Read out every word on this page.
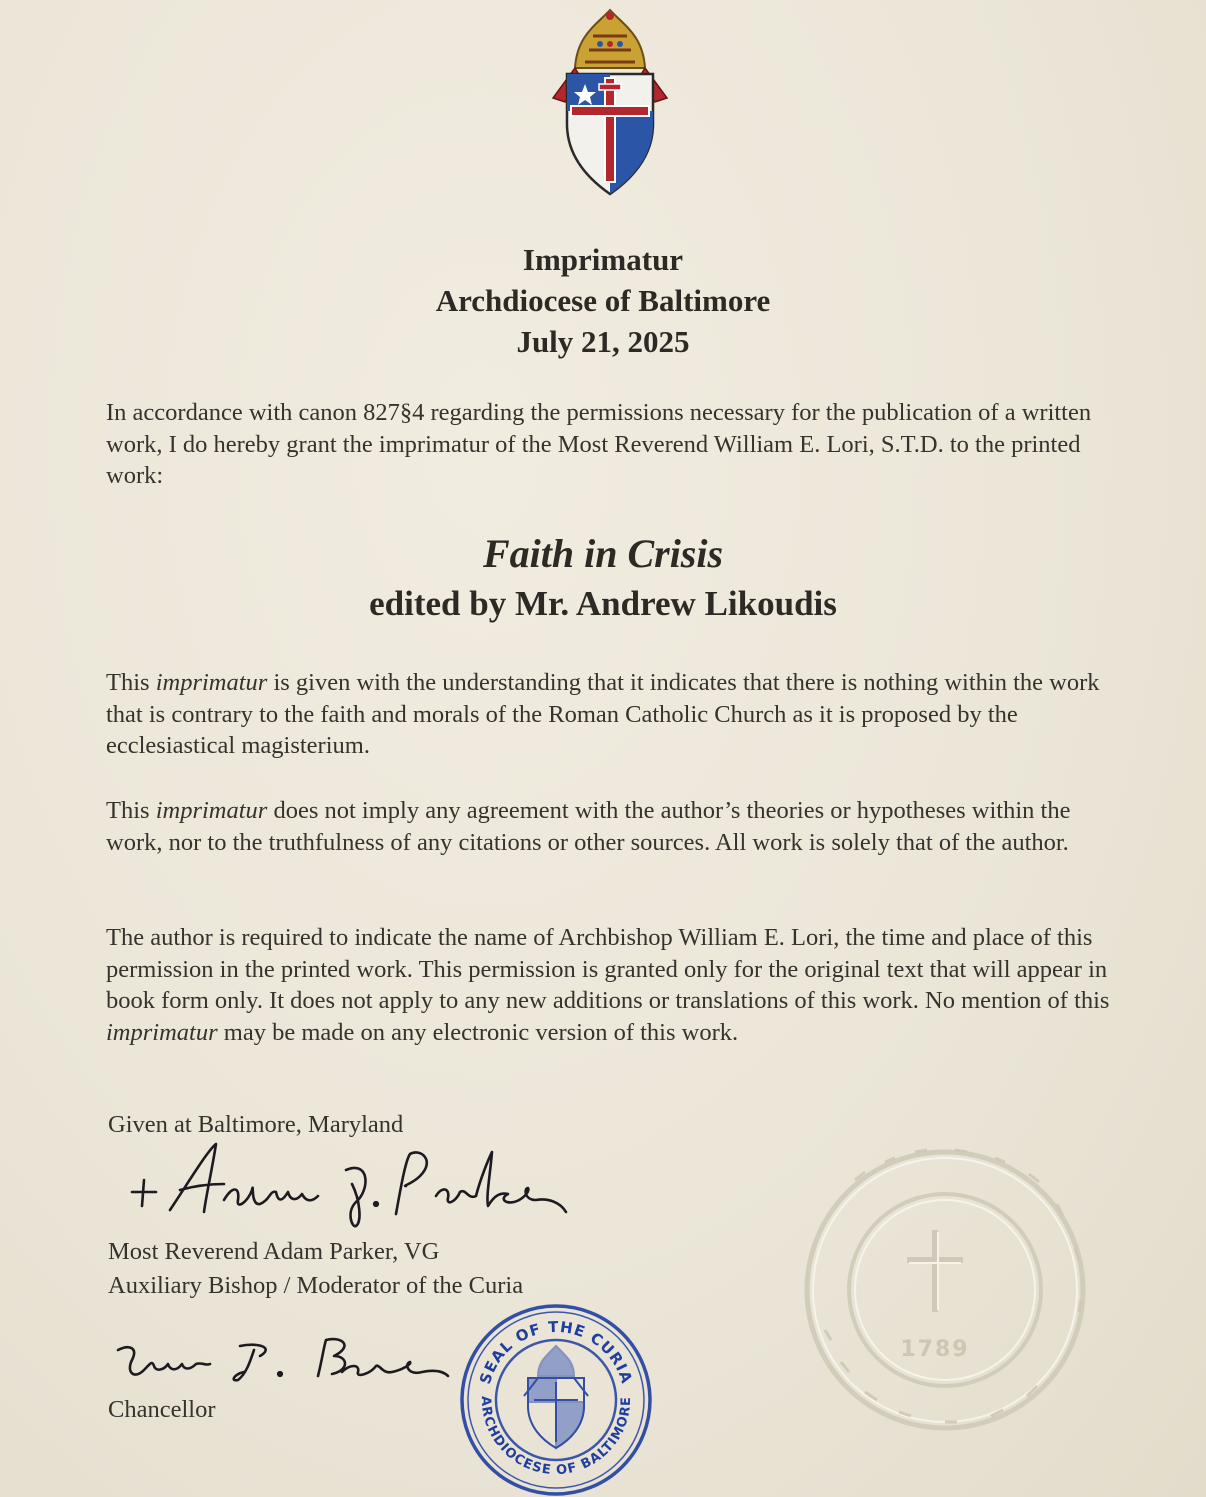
Imprimatur
Archdiocese of Baltimore
July 21, 2025
In accordance with canon 827§4 regarding the permissions necessary for the publication of a written work, I do hereby grant the imprimatur of the Most Reverend William E. Lori, S.T.D. to the printed work:
Faith in Crisis
edited by Mr. Andrew Likoudis
This imprimatur is given with the understanding that it indicates that there is nothing within the work that is contrary to the faith and morals of the Roman Catholic Church as it is proposed by the ecclesiastical magisterium.
This imprimatur does not imply any agreement with the author’s theories or hypotheses within the work, nor to the truthfulness of any citations or other sources. All work is solely that of the author.
The author is required to indicate the name of Archbishop William E. Lori, the time and place of this permission in the printed work. This permission is granted only for the original text that will appear in book form only. It does not apply to any new additions or translations of this work. No mention of this imprimatur may be made on any electronic version of this work.
Given at Baltimore, Maryland
Most Reverend Adam Parker, VG
Auxiliary Bishop / Moderator of the Curia
Chancellor
SEAL OF THE CURIA
ARCHDIOCESE OF BALTIMORE
1789
